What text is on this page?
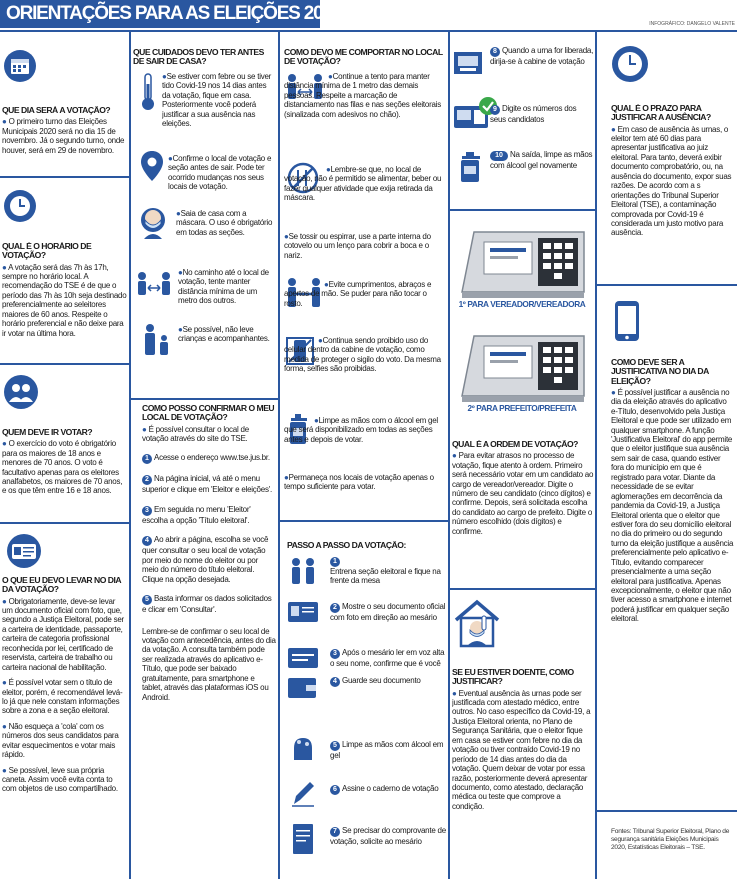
ORIENTAÇÕES PARA AS ELEIÇÕES 2020	INFOGRÁFICO: DANGELO VALENTE
QUE DIA SERÁ A VOTAÇÃO?

● O primeiro turno das Eleições Municipais 2020 será no dia 15 de novembro. Já o segundo turno, onde houver, será em 29 de novembro.

QUAL É O HORÁRIO DE VOTAÇÃO?

● A votação será das 7h às 17h, sempre no horário local. A recomendação do TSE é de que o período das 7h às 10h seja destinado preferencialmente ao seleitores maiores de 60 anos. Respeite o horário preferencial e não deixe para ir votar na última hora.

QUEM DEVE IR VOTAR?

● O exercício do voto é obrigatório para os maiores de 18 anos e menores de 70 anos. O voto é facultativo apenas para os eleitores analfabetos, os maiores de 70 anos, e os que têm entre 16 e 18 anos.

O QUE EU DEVO LEVAR NO DIA DA VOTAÇÃO?

● Obrigatoriamente, deve-se levar um documento oficial com foto, que, segundo a Justiça Eleitoral, pode ser a carteira de identidade, passaporte, carteira de categoria profissional reconhecida por lei, certificado de reservista, carteira de trabalho ou carteira nacional de habilitação.

● É possível votar sem o título de eleitor, porém, é recomendável levá-lo já que nele constam informações sobre a zona e a seção eleitoral.

● Não esqueça a 'cola' com os números dos seus candidatos para evitar esquecimentos e votar mais rápido.

● Se possível, leve sua própria caneta. Assim você evita conta to com objetos de uso compartilhado.

QUE CUIDADOS DEVO TER ANTES DE SAIR DE CASA?
●Se estiver com febre ou se tiver tido Covid-19 nos 14 dias antes da votação, fique em casa. Posteriormente você poderá justificar a sua ausência nas eleições.
●Confirme o local de votação e seção antes de sair. Pode ter ocorrido mudanças nos seus locais de votação.
●Saia de casa com a máscara. O uso é obrigatório em todas as seções.
●No caminho até o local de votação, tente manter distância mínima de um metro dos outros.
●Se possível, não leve crianças e acompanhantes.
COMO POSSO CONFIRMAR O MEU LOCAL DE VOTAÇÃO?

● É possível consultar o local de votação através do site do TSE.

1 Acesse o endereço www.tse.jus.br.

2 Na página inicial, vá até o menu superior e clique em 'Eleitor e eleições'.

3 Em seguida no menu 'Eleitor' escolha a opção 'Título eleitoral'.

4 Ao abrir a página, escolha se você quer consultar o seu local de votação por meio do nome do eleitor ou por meio do número do título eleitoral. Clique na opção desejada.

5 Basta informar os dados solicitados e clicar em 'Consultar'.

Lembre-se de confirmar o seu local de votação com antecedência, antes do dia da votação. A consulta também pode ser realizada através do aplicativo e-Título, que pode ser baixado gratuitamente, para smartphone e tablet, através das plataformas iOS ou Android.

COMO DEVO ME COMPORTAR NO LOCAL DE VOTAÇÃO?
●Continue a tento para manter distância mínima de 1 metro das demais pessoas. Respeite a marcação de distanciamento nas filas e nas seções eleitorais (sinalizada com adesivos no chão).
●Lembre-se que, no local de votação, não é permitido se alimentar, beber ou fazer qualquer atividade que exija retirada da máscara.
●Se tossir ou espirrar, use a parte interna do cotovelo ou um lenço para cobrir a boca e o nariz.
●Evite cumprimentos, abraços e apertos de mão. Se puder para não tocar o rosto.
●Continua sendo proibido uso do celular dentro da cabine de votação, como medida de proteger o sigilo do voto. Da mesma forma, selfies são proibidas.
●Limpe as mãos com o álcool em gel que será disponibilizado em todas as seções antes e depois de votar.
●Permaneça nos locais de votação apenas o tempo suficiente para votar.
PASSO A PASSO DA VOTAÇÃO:
1
Entrena seção eleitoral e fique na frente da mesa
2 Mostre o seu documento oficial com foto em direção ao mesário
3 Após o mesário ler em voz alta o seu nome, confirme que é você
4 Guarde seu documento
5 Limpe as mãos com álcool em gel
6 Assine o caderno de votação
7 Se precisar do comprovante de votação, solicite ao mesário
8 Quando a urna for liberada, dirija-se à cabine de votação
9 Digite os números dos seus candidatos
10 Na saída, limpe as mãos com álcool gel novamente
1º PARA VEREADOR/VEREADORA
2º PARA PREFEITO/PREFEITA
QUAL É A ORDEM DE VOTAÇÃO?

● Para evitar atrasos no processo de votação, fique atento à ordem. Primeiro será necessário votar em um candidato ao cargo de vereador/vereador. Digite o número de seu candidato (cinco dígitos) e confirme. Depois, será solicitada escolha do candidato ao cargo de prefeito. Digite o número escolhido (dois dígitos) e confirme.

SE EU ESTIVER DOENTE, COMO JUSTIFICAR?

● Eventual ausência às urnas pode ser justificada com atestado médico, entre outros. No caso específico da Covid-19, a Justiça Eleitoral orienta, no Plano de Segurança Sanitária, que o eleitor fique em casa se estiver com febre no dia da votação ou tiver contraído Covid-19 no período de 14 dias antes do dia da votação. Quem deixar de votar por essa razão, posteriormente deverá apresentar documento, como atestado, declaração médica ou teste que comprove a condição.

QUAL É O PRAZO PARA JUSTIFICAR A AUSÊNCIA?

● Em caso de ausência às urnas, o eleitor tem até 60 dias para apresentar justificativa ao juiz eleitoral. Para tanto, deverá exibir documento comprobatório, ou, na ausência do documento, expor suas razões. De acordo com a s orientações do Tribunal Superior Eleitoral (TSE), a contaminação comprovada por Covid-19 é considerada um justo motivo para ausência.

COMO DEVE SER A JUSTIFICATIVA NO DIA DA ELEIÇÃO?

● É possível justificar a ausência no dia da eleição através do aplicativo e-Título, desenvolvido pela Justiça Eleitoral e que pode ser utilizado em qualquer smartphone. A função 'Justificativa Eleitoral' do app permite que o eleitor justifique sua ausência sem sair de casa, quando estiver fora do município em que é registrado para votar. Diante da necessidade de se evitar aglomerações em decorrência da pandemia da Covid-19, a Justiça Eleitoral orienta que o eleitor que estiver fora do seu domicílio eleitoral no dia do primeiro ou do segundo turno da eleição justifique a ausência preferencialmente pelo aplicativo e-Título, evitando comparecer presencialmente a uma seção eleitoral para justificativa. Apenas excepcionalmente, o eleitor que não tiver acesso a smartphone e internet poderá justificar em qualquer seção eleitoral.

Fontes: Tribunal Superior Eleitoral, Plano de segurança sanitária Eleições Municipais 2020, Estatísticas Eleitorais – TSE.
